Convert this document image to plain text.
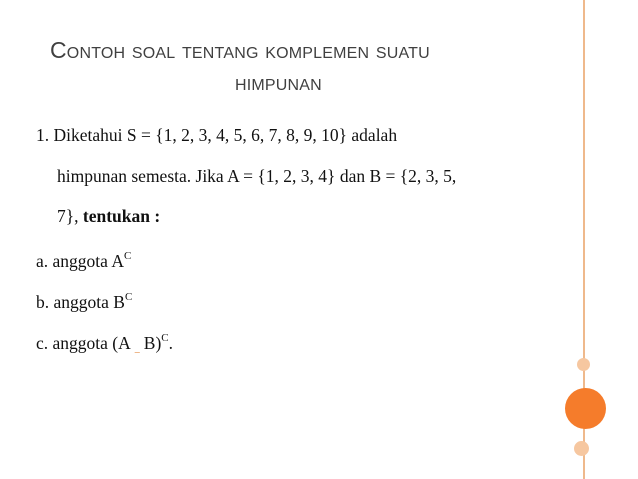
Contoh soal tentang komplemen suatu
himpunan
1. Diketahui S = {1, 2, 3, 4, 5, 6, 7, 8, 9, 10} adalah
himpunan semesta. Jika A = {1, 2, 3, 4} dan B = {2, 3, 5,
7}, tentukan :
a. anggota $A^C$
b. anggota $B^C$
c. anggota (A _ B)$^C$.
